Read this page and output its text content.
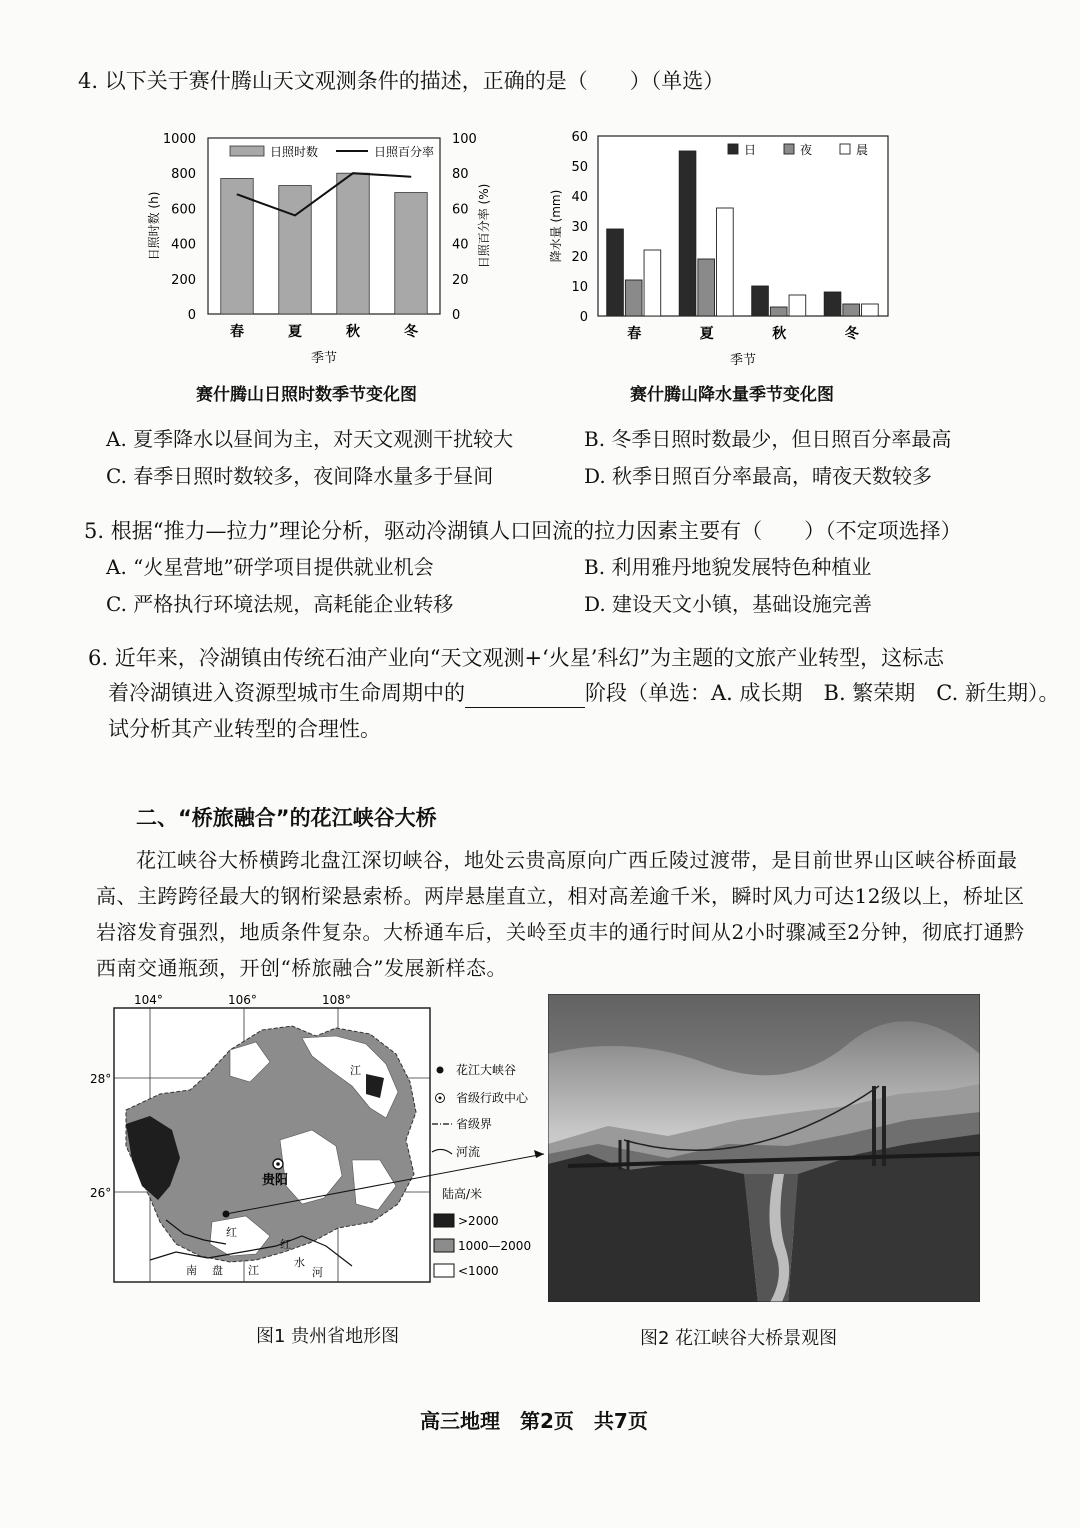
4. 以下关于赛什腾山天文观测条件的描述，正确的是（　　）（单选）
0	0
200	20
400	40
600	60
800	80
1000	100
春	夏	秋	冬
日照时数	日照百分率
季节
日照时数 (h)	日照百分率 (%)
0
10
20
30
40
50
60
春	夏	秋	冬
日	夜	晨
季节
降水量 (mm)
赛什腾山日照时数季节变化图	赛什腾山降水量季节变化图
A. 夏季降水以昼间为主，对天文观测干扰较大	B. 冬季日照时数最少，但日照百分率最高
C. 春季日照时数较多，夜间降水量多于昼间	D. 秋季日照百分率最高，晴夜天数较多
5. 根据“推力—拉力”理论分析，驱动冷湖镇人口回流的拉力因素主要有（　　）（不定项选择）
A. “火星营地”研学项目提供就业机会	B. 利用雅丹地貌发展特色种植业
C. 严格执行环境法规，高耗能企业转移	D. 建设天文小镇，基础设施完善
6. 近年来，冷湖镇由传统石油产业向“天文观测+‘火星’科幻”为主题的文旅产业转型，这标志
着冷湖镇进入资源型城市生命周期中的	阶段（单选：A. 成长期　B. 繁荣期　C. 新生期）。
试分析其产业转型的合理性。
二、“桥旅融合”的花江峡谷大桥
花江峡谷大桥横跨北盘江深切峡谷，地处云贵高原向广西丘陵过渡带，是目前世界山区峡谷桥面最高、主跨跨径最大的钢桁梁悬索桥。两岸悬崖直立，相对高差逾千米，瞬时风力可达12级以上，桥址区岩溶发育强烈，地质条件复杂。大桥通车后，关岭至贞丰的通行时间从2小时骤减至2分钟，彻底打通黔西南交通瓶颈，开创“桥旅融合”发展新样态。
104°	106°	108°
28°
26°
贵阳
江
南 盘 江
红
水
河
红
花江大峡谷
省级行政中心
省级界
河流
陆高/米
>2000
1000—2000
<1000
图1 贵州省地形图	图2 花江峡谷大桥景观图
高三地理　第2页　共7页
